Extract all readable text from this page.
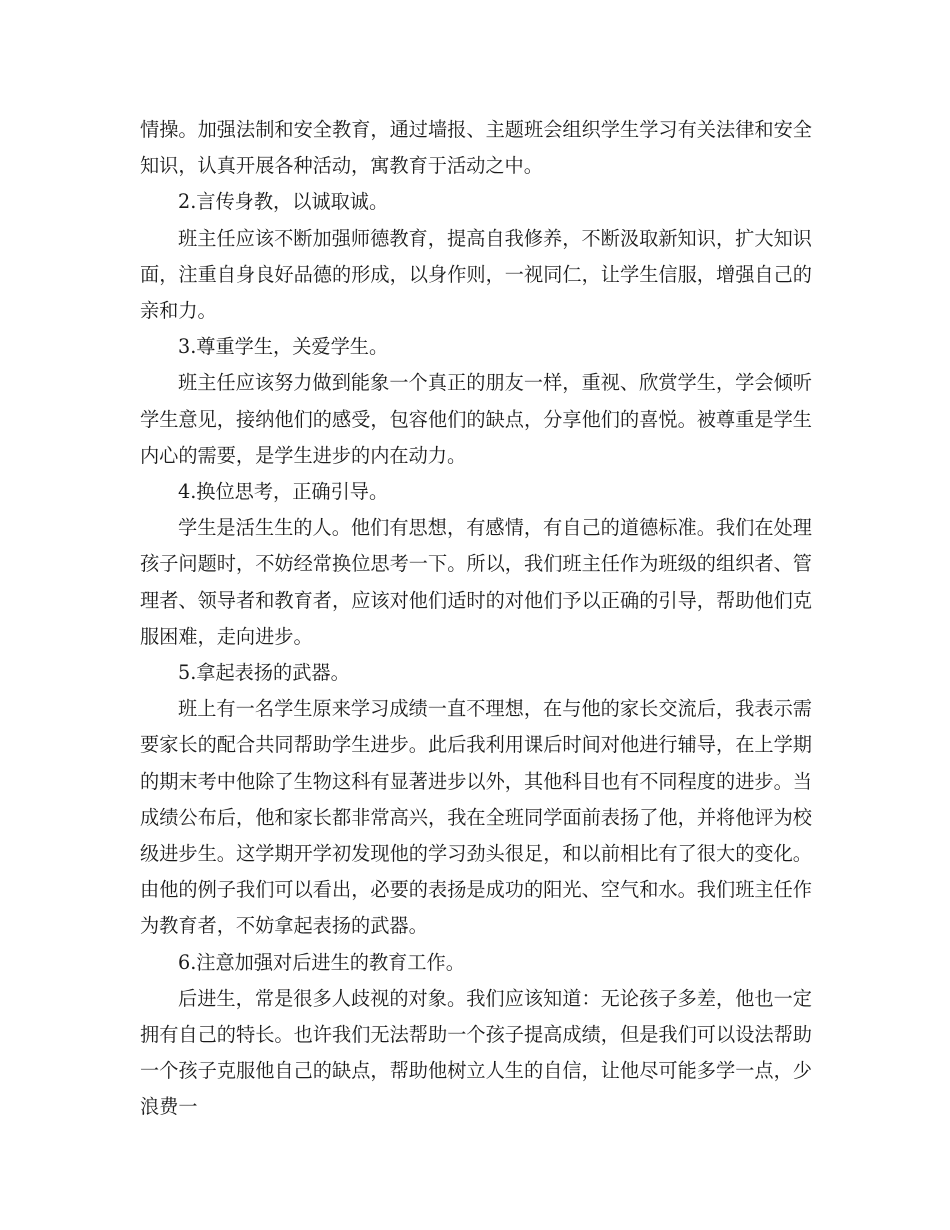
情操。加强法制和安全教育，通过墙报、主题班会组织学生学习有关法律和安全知识，认真开展各种活动，寓教育于活动之中。

2.言传身教，以诚取诚。

班主任应该不断加强师德教育，提高自我修养，不断汲取新知识，扩大知识面，注重自身良好品德的形成，以身作则，一视同仁，让学生信服，增强自己的亲和力。

3.尊重学生，关爱学生。

班主任应该努力做到能象一个真正的朋友一样，重视、欣赏学生，学会倾听学生意见，接纳他们的感受，包容他们的缺点，分享他们的喜悦。被尊重是学生内心的需要，是学生进步的内在动力。

4.换位思考，正确引导。

学生是活生生的人。他们有思想，有感情，有自己的道德标准。我们在处理孩子问题时，不妨经常换位思考一下。所以，我们班主任作为班级的组织者、管理者、领导者和教育者，应该对他们适时的对他们予以正确的引导，帮助他们克服困难，走向进步。

5.拿起表扬的武器。

班上有一名学生原来学习成绩一直不理想，在与他的家长交流后，我表示需要家长的配合共同帮助学生进步。此后我利用课后时间对他进行辅导，在上学期的期末考中他除了生物这科有显著进步以外，其他科目也有不同程度的进步。当成绩公布后，他和家长都非常高兴，我在全班同学面前表扬了他，并将他评为校级进步生。这学期开学初发现他的学习劲头很足，和以前相比有了很大的变化。由他的例子我们可以看出，必要的表扬是成功的阳光、空气和水。我们班主任作为教育者，不妨拿起表扬的武器。

6.注意加强对后进生的教育工作。

后进生，常是很多人歧视的对象。我们应该知道：无论孩子多差，他也一定拥有自己的特长。也许我们无法帮助一个孩子提高成绩，但是我们可以设法帮助一个孩子克服他自己的缺点，帮助他树立人生的自信，让他尽可能多学一点，少浪费一
